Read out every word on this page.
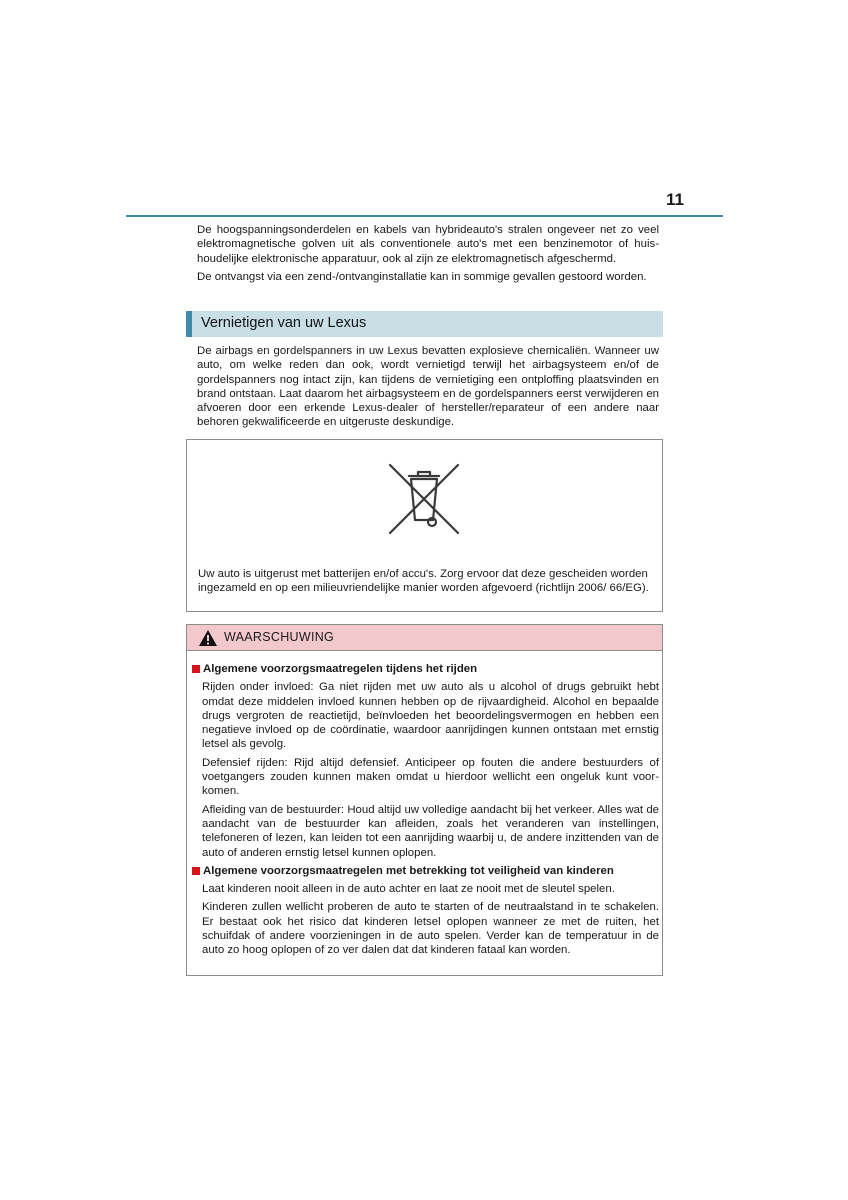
11

De hoogspanningsonderdelen en kabels van hybrideauto's stralen ongeveer net zo veel elektromagnetische golven uit als conventionele auto's met een benzinemotor of huishoudelijke elektronische apparatuur, ook al zijn ze elektromagnetisch afgeschermd.

De ontvangst via een zend-/ontvanginstallatie kan in sommige gevallen gestoord worden.

Vernietigen van uw Lexus

De airbags en gordelspanners in uw Lexus bevatten explosieve chemicaliën. Wanneer uw auto, om welke reden dan ook, wordt vernietigd terwijl het airbagsysteem en/of de gordelspanners nog intact zijn, kan tijdens de vernietiging een ontploffing plaatsvinden en brand ontstaan. Laat daarom het airbagsysteem en de gordelspanners eerst verwijderen en afvoeren door een erkende Lexus-dealer of hersteller/reparateur of een andere naar behoren gekwalificeerde en uitgeruste deskundige.

Uw auto is uitgerust met batterijen en/of accu's. Zorg ervoor dat deze gescheiden worden ingezameld en op een milieuvriendelijke manier worden afgevoerd (richtlijn 2006/ 66/EG).
WAARSCHUWING
Algemene voorzorgsmaatregelen tijdens het rijden

Rijden onder invloed: Ga niet rijden met uw auto als u alcohol of drugs gebruikt hebt omdat deze middelen invloed kunnen hebben op de rijvaardigheid. Alcohol en bepaalde drugs vergroten de reactietijd, beïnvloeden het beoordelingsvermogen en hebben een negatieve invloed op de coördinatie, waardoor aanrijdingen kunnen ontstaan met ernstig letsel als gevolg.

Defensief rijden: Rijd altijd defensief. Anticipeer op fouten die andere bestuurders of voetgangers zouden kunnen maken omdat u hierdoor wellicht een ongeluk kunt voorkomen.

Afleiding van de bestuurder: Houd altijd uw volledige aandacht bij het verkeer. Alles wat de aandacht van de bestuurder kan afleiden, zoals het veranderen van instellingen, telefoneren of lezen, kan leiden tot een aanrijding waarbij u, de andere inzittenden van de auto of anderen ernstig letsel kunnen oplopen.

Algemene voorzorgsmaatregelen met betrekking tot veiligheid van kinderen

Laat kinderen nooit alleen in de auto achter en laat ze nooit met de sleutel spelen.

Kinderen zullen wellicht proberen de auto te starten of de neutraalstand in te schakelen. Er bestaat ook het risico dat kinderen letsel oplopen wanneer ze met de ruiten, het schuifdak of andere voorzieningen in de auto spelen. Verder kan de temperatuur in de auto zo hoog oplopen of zo ver dalen dat dat kinderen fataal kan worden.
